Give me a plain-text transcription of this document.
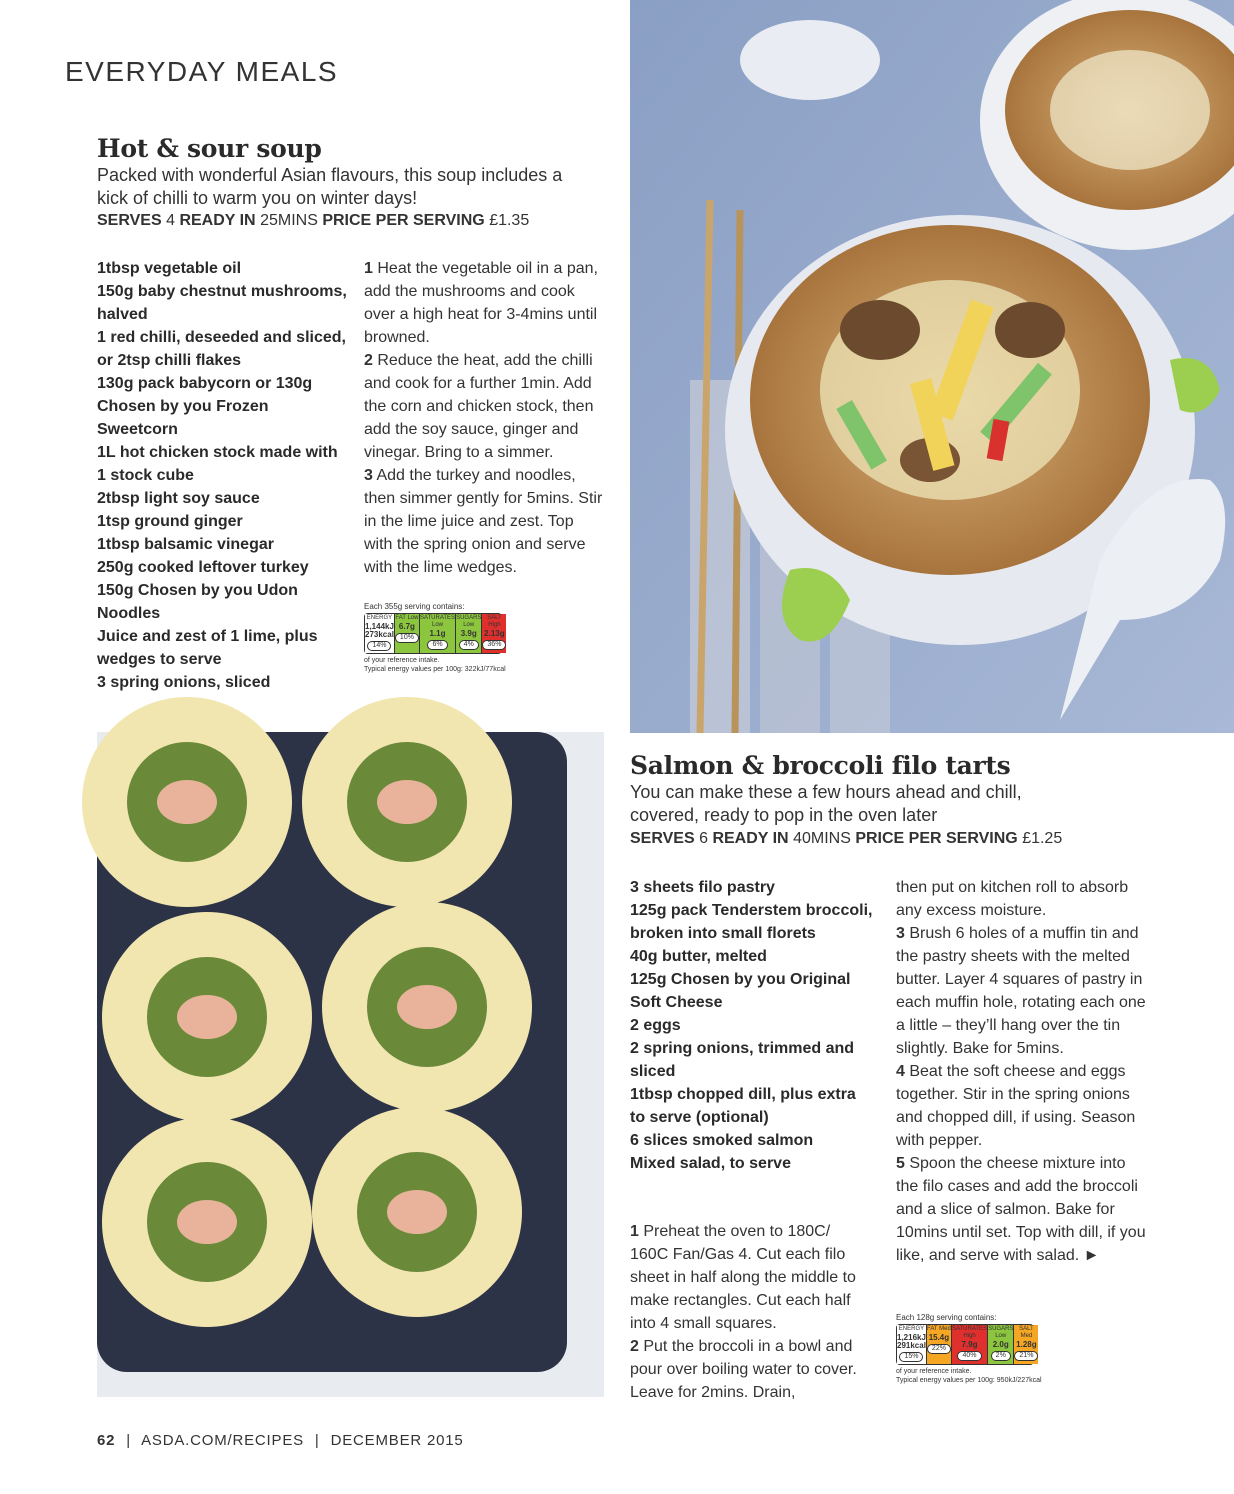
EVERYDAY MEALS
Hot & sour soup
Packed with wonderful Asian flavours, this soup includes a kick of chilli to warm you on winter days!
SERVES 4 READY IN 25MINS PRICE PER SERVING £1.35
1tbsp vegetable oil
150g baby chestnut mushrooms, halved
1 red chilli, deseeded and sliced, or 2tsp chilli flakes
130g pack babycorn or 130g Chosen by you Frozen Sweetcorn
1L hot chicken stock made with 1 stock cube
2tbsp light soy sauce
1tsp ground ginger
1tbsp balsamic vinegar
250g cooked leftover turkey
150g Chosen by you Udon Noodles
Juice and zest of 1 lime, plus wedges to serve
3 spring onions, sliced
1 Heat the vegetable oil in a pan, add the mushrooms and cook over a high heat for 3-4mins until browned.
2 Reduce the heat, add the chilli and cook for a further 1min. Add the corn and chicken stock, then add the soy sauce, ginger and vinegar. Bring to a simmer.
3 Add the turkey and noodles, then simmer gently for 5mins. Stir in the lime juice and zest. Top with the spring onion and serve with the lime wedges.
Each 355g serving contains:
ENERGY
1,144kJ 273kcal
14%
FAT Low
6.7g
10%
SATURATES Low
1.1g
6%
SUGARS Low
3.9g
4%
SALT High
2.13g
36%
of your reference intake.
Typical energy values per 100g: 322kJ/77kcal
Salmon & broccoli filo tarts
You can make these a few hours ahead and chill, covered, ready to pop in the oven later
SERVES 6 READY IN 40MINS PRICE PER SERVING £1.25
3 sheets filo pastry
125g pack Tenderstem broccoli, broken into small florets
40g butter, melted
125g Chosen by you Original Soft Cheese
2 eggs
2 spring onions, trimmed and sliced
1tbsp chopped dill, plus extra to serve (optional)
6 slices smoked salmon
Mixed salad, to serve
1 Preheat the oven to 180C/ 160C Fan/Gas 4. Cut each filo sheet in half along the middle to make rectangles. Cut each half into 4 small squares.
2 Put the broccoli in a bowl and pour over boiling water to cover. Leave for 2mins. Drain,
then put on kitchen roll to absorb any excess moisture.
3 Brush 6 holes of a muffin tin and the pastry sheets with the melted butter. Layer 4 squares of pastry in each muffin hole, rotating each one a little – they’ll hang over the tin slightly. Bake for 5mins.
4 Beat the soft cheese and eggs together. Stir in the spring onions and chopped dill, if using. Season with pepper.
5 Spoon the cheese mixture into the filo cases and add the broccoli and a slice of salmon. Bake for 10mins until set. Top with dill, if you like, and serve with salad. ►
Each 128g serving contains:
ENERGY
1,216kJ 291kcal
15%
FAT Med
15.4g
22%
SATURATES High
7.9g
40%
SUGARS Low
2.0g
2%
SALT Med
1.28g
21%
of your reference intake.
Typical energy values per 100g: 950kJ/227kcal
62 | ASDA.COM/RECIPES | DECEMBER 2015
